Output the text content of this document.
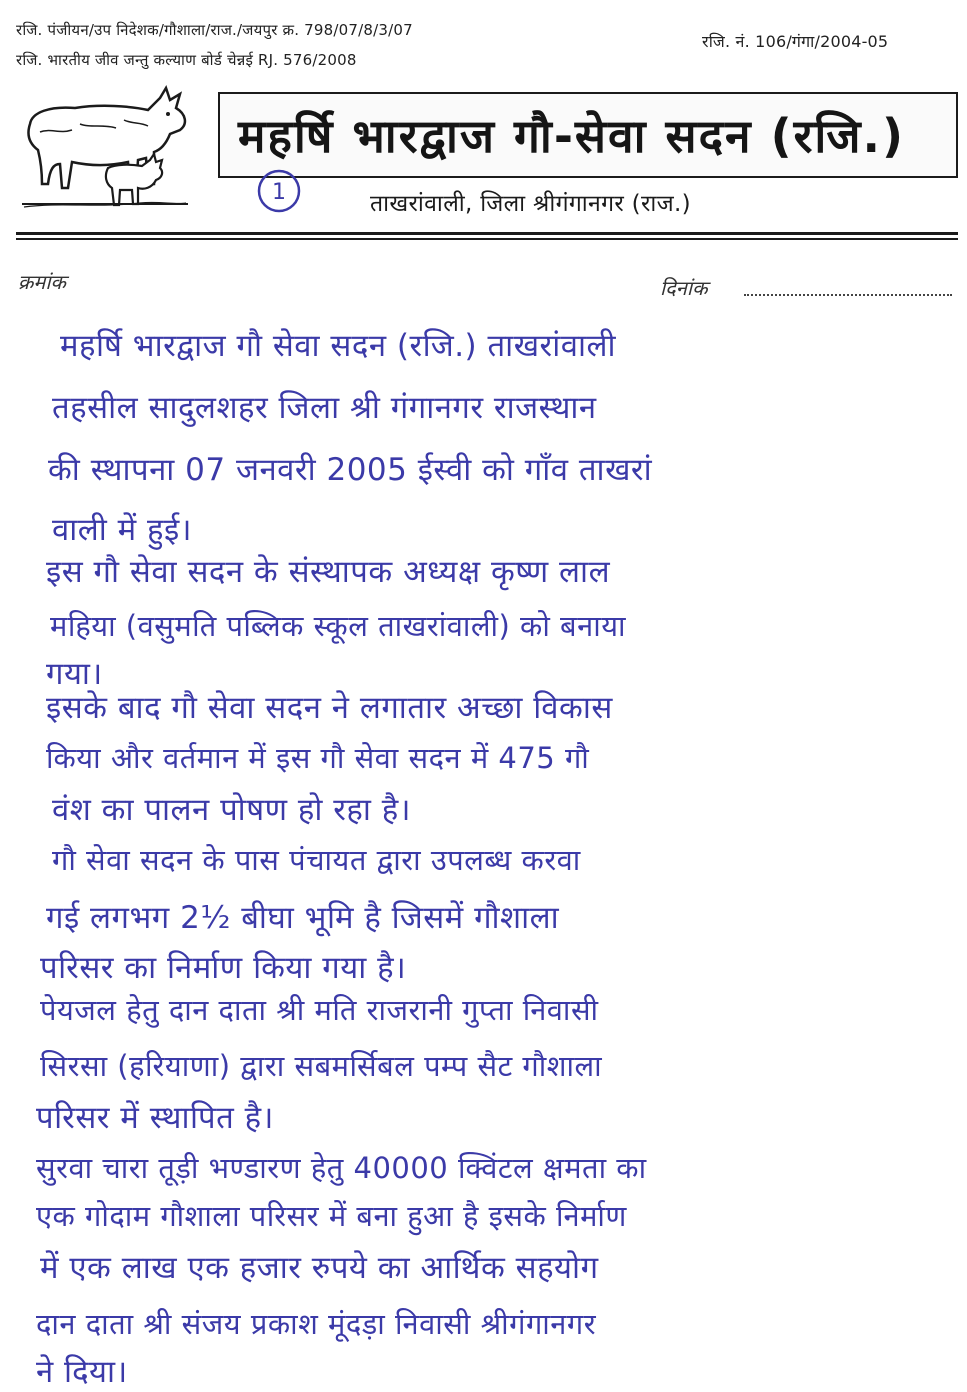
रजि. पंजीयन/उप निदेशक/गौशाला/राज./जयपुर क्र. 798/07/8/3/07
रजि. भारतीय जीव जन्तु कल्याण बोर्ड चेन्नई RJ. 576/2008
रजि. नं. 106/गंगा/2004-05
महर्षि भारद्वाज गौ-सेवा सदन (रजि.)
1	ताखरांवाली, जिला श्रीगंगानगर (राज.)
क्रमांक	दिनांक
महर्षि भारद्वाज गौ सेवा सदन (रजि.) ताखरांवाली
तहसील सादुलशहर जिला श्री गंगानगर राजस्थान
की स्थापना 07 जनवरी 2005 ईस्वी को गाँव ताखरां
वाली में हुई।
इस गौ सेवा सदन के संस्थापक अध्यक्ष कृष्ण लाल
महिया (वसुमति पब्लिक स्कूल ताखरांवाली) को बनाया
गया।
इसके बाद गौ सेवा सदन ने लगातार अच्छा विकास
किया और वर्तमान में इस गौ सेवा सदन में 475 गौ
वंश का पालन पोषण हो रहा है।
गौ सेवा सदन के पास पंचायत द्वारा उपलब्ध करवा
गई लगभग 2½ बीघा भूमि है जिसमें गौशाला
परिसर का निर्माण किया गया है।
पेयजल हेतु दान दाता श्री मति राजरानी गुप्ता निवासी
सिरसा (हरियाणा) द्वारा सबमर्सिबल पम्प सैट गौशाला
परिसर में स्थापित है।
सुरवा चारा तूड़ी भण्डारण हेतु 40000 क्विंटल क्षमता का
एक गोदाम गौशाला परिसर में बना हुआ है इसके निर्माण
में एक लाख एक हजार रुपये का आर्थिक सहयोग
दान दाता श्री संजय प्रकाश मूंदड़ा निवासी श्रीगंगानगर
ने दिया।
